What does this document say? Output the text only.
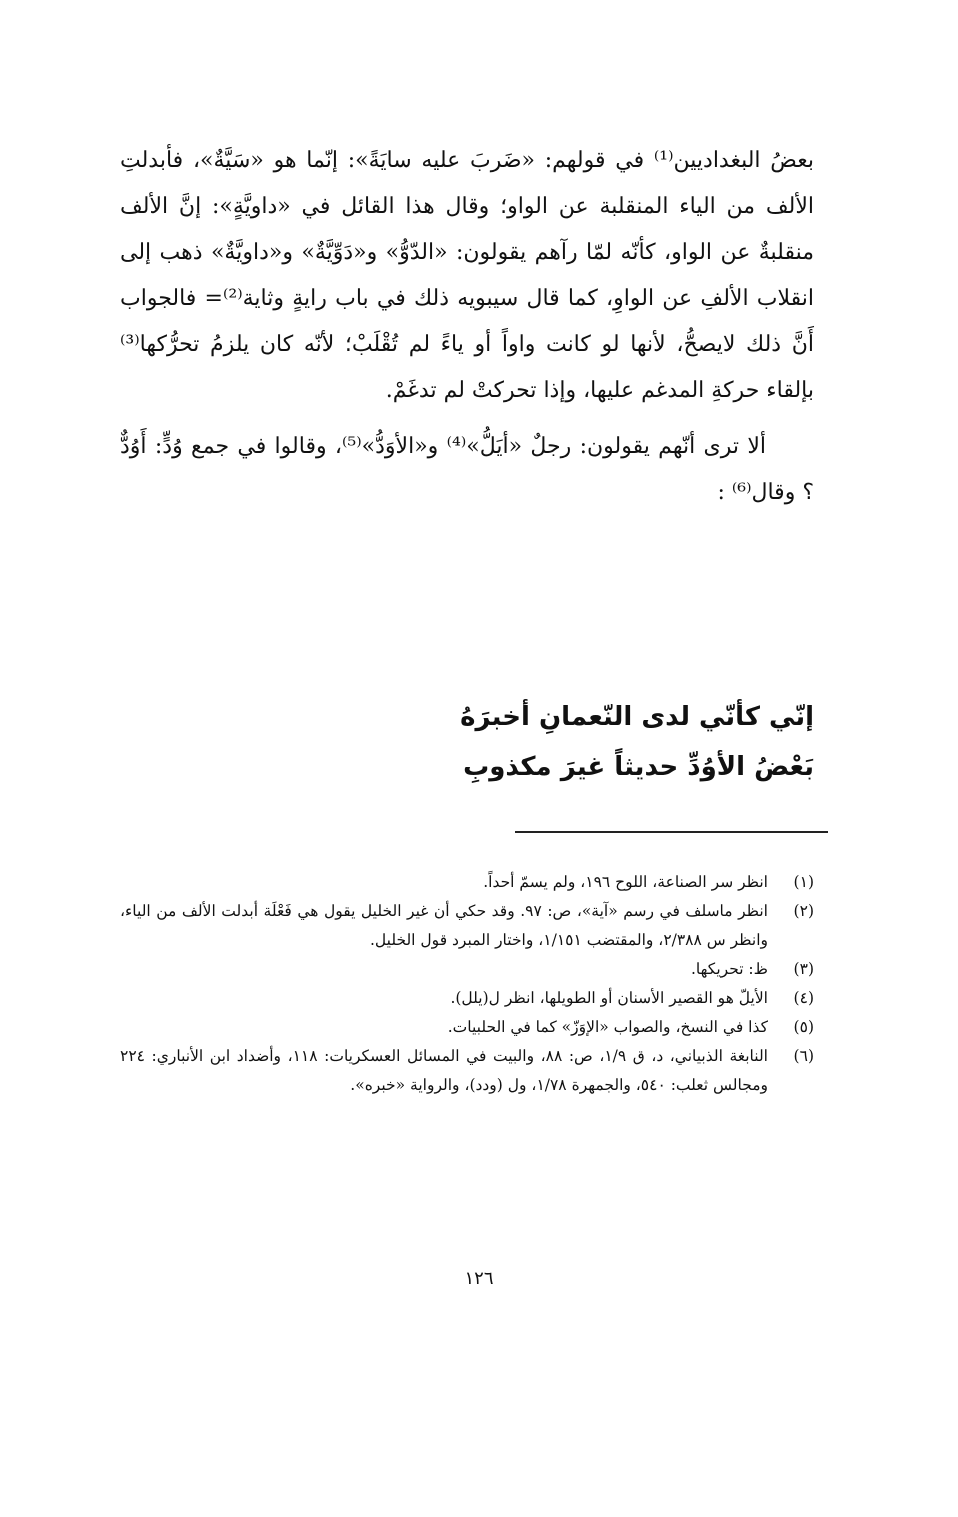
بعضُ البغداديين⁽¹⁾ في قولهم: «ضَربَ عليه سايَةً»: إنّما هو «سَيَّةٌ»، فأبدلتِ الألف من الياء المنقلبة عن الواو؛ وقال هذا القائل في «داويَّةٍ»: إنَّ الألف منقلبةٌ عن الواو، كأنّه لمّا رآهم يقولون: «الدّوُّ» و«دَوِّيَّةٌ» و«داويَّةٌ» ذهب إلى انقلاب الألفِ عن الواوِ، كما قال سيبويه ذلك في باب رايةٍ وثاية⁽²⁾= فالجواب أَنَّ ذلك لايصحُّ، لأنها لو كانت واواً أو ياءً لم تُقْلَبْ؛ لأنّه كان يلزمُ تحرُّكها⁽³⁾ بإلقاء حركةِ المدغم عليها، وإذا تحركتْ لم تدغَمْ.

ألا ترى أنّهم يقولون: رجلٌ «أيَلُّ»⁽⁴⁾ و«الأوَدُّ»⁽⁵⁾، وقالوا في جمع وُدٍّ: أَوُدٌّ ؟ وقال⁽⁶⁾ :

إنّي كأنّي لدى النّعمانِ أخبرَهُ
بَعْضُ الأوُدِّ حديثاً غيرَ مكذوبِ
(١)
انظر سر الصناعة، اللوح ١٩٦، ولم يسمّ أحداً.
(٢)
انظر ماسلف في رسم «آية»، ص: ٩٧. وقد حكي أن غير الخليل يقول هي فَعْلَة أبدلت الألف من الياء، وانظر س ٢/٣٨٨، والمقتضب ١/١٥١، واختار المبرد قول الخليل.
(٣)
ظ: تحريكها.
(٤)
الأيلّ هو القصير الأسنان أو الطويلها، انظر ل(يلل).
(٥)
كذا في النسخ، والصواب «الإوَزّ» كما في الحلبيات.
(٦)
النابغة الذبياني، د، ق ١/٩، ص: ٨٨، والبيت في المسائل العسكريات: ١١٨، وأضداد ابن الأنباري: ٢٢٤ ومجالس ثعلب: ٥٤٠، والجمهرة ١/٧٨، ول (ودد)، والرواية «خبره».
١٢٦
